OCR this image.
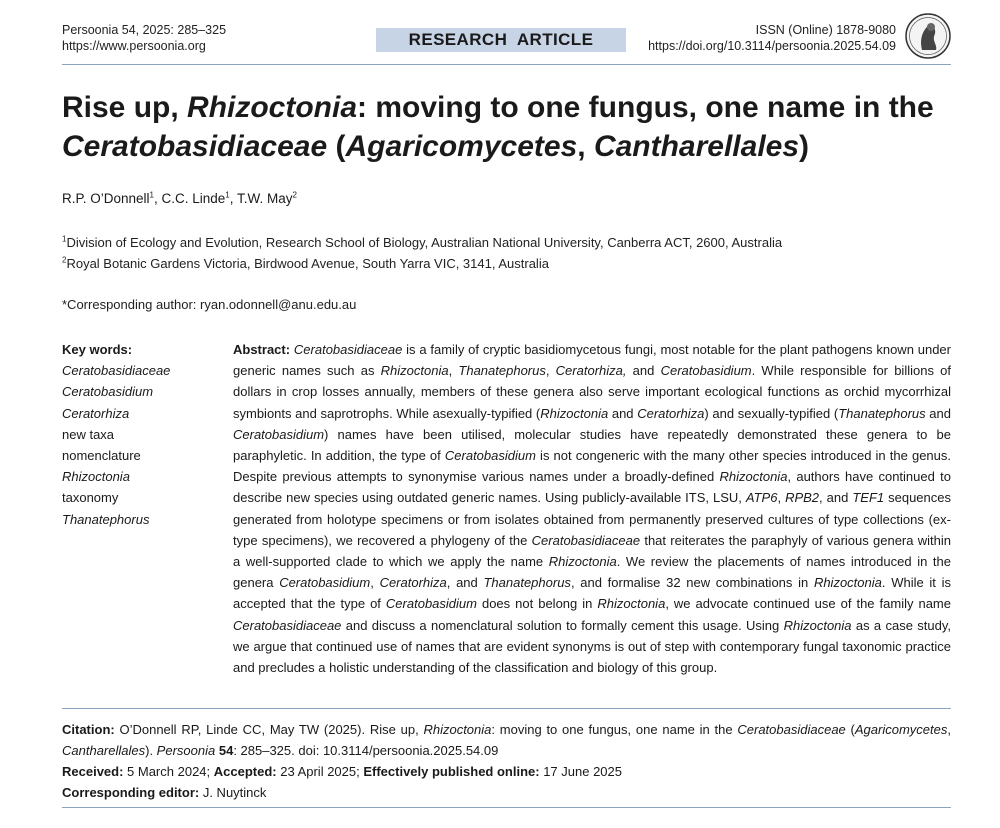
Persoonia 54, 2025: 285–325
https://www.persoonia.org	RESEARCH  ARTICLE	ISSN (Online) 1878-9080
https://doi.org/10.3114/persoonia.2025.54.09
Rise up, Rhizoctonia: moving to one fungus, one name in the Ceratobasidiaceae (Agaricomycetes, Cantharellales)
R.P. O’Donnell$^1$, C.C. Linde$^1$, T.W. May$^2$
$^1$Division of Ecology and Evolution, Research School of Biology, Australian National University, Canberra ACT, 2600, Australia
$^2$Royal Botanic Gardens Victoria, Birdwood Avenue, South Yarra VIC, 3141, Australia
*Corresponding author: ryan.odonnell@anu.edu.au
Key words:
Ceratobasidiaceae
Ceratobasidium
Ceratorhiza
new taxa
nomenclature
Rhizoctonia
taxonomy
Thanatephorus
Abstract: Ceratobasidiaceae is a family of cryptic basidiomycetous fungi, most notable for the plant pathogens known under generic names such as Rhizoctonia, Thanatephorus, Ceratorhiza, and Ceratobasidium. While responsible for billions of dollars in crop losses annually, members of these genera also serve important ecological functions as orchid mycorrhizal symbionts and saprotrophs. While asexually-typified (Rhizoctonia and Ceratorhiza) and sexually-typified (Thanatephorus and Ceratobasidium) names have been utilised, molecular studies have repeatedly demonstrated these genera to be paraphyletic. In addition, the type of Ceratobasidium is not congeneric with the many other species introduced in the genus. Despite previous attempts to synonymise various names under a broadly-defined Rhizoctonia, authors have continued to describe new species using outdated generic names. Using publicly-available ITS, LSU, ATP6, RPB2, and TEF1 sequences generated from holotype specimens or from isolates obtained from permanently preserved cultures of type collections (ex-type specimens), we recovered a phylogeny of the Ceratobasidiaceae that reiterates the paraphyly of various genera within a well-supported clade to which we apply the name Rhizoctonia. We review the placements of names introduced in the genera Ceratobasidium, Ceratorhiza, and Thanatephorus, and formalise 32 new combinations in Rhizoctonia. While it is accepted that the type of Ceratobasidium does not belong in Rhizoctonia, we advocate continued use of the family name Ceratobasidiaceae and discuss a nomenclatural solution to formally cement this usage. Using Rhizoctonia as a case study, we argue that continued use of names that are evident synonyms is out of step with contemporary fungal taxonomic practice and precludes a holistic understanding of the classification and biology of this group.
Citation: O’Donnell RP, Linde CC, May TW (2025). Rise up, Rhizoctonia: moving to one fungus, one name in the Ceratobasidiaceae (Agaricomycetes, Cantharellales). Persoonia 54: 285–325. doi: 10.3114/persoonia.2025.54.09
Received: 5 March 2024; Accepted: 23 April 2025; Effectively published online: 17 June 2025
Corresponding editor: J. Nuytinck
